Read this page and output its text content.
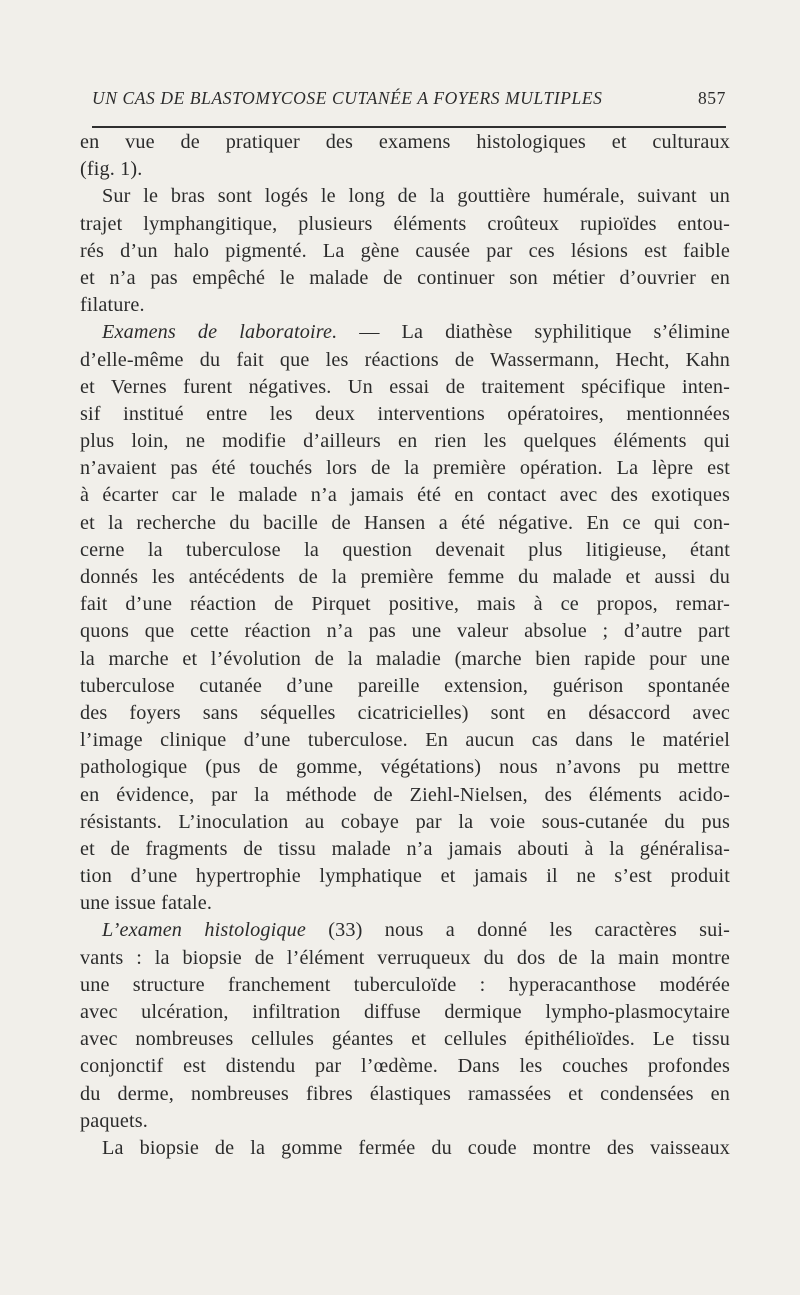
UN CAS DE BLASTOMYCOSE CUTANÉE A FOYERS MULTIPLES	857
en vue de pratiquer des examens histologiques et culturaux
(fig. 1).
Sur le bras sont logés le long de la gouttière humérale, suivant un
trajet lymphangitique, plusieurs éléments croûteux rupioïdes entou-
rés d’un halo pigmenté. La gène causée par ces lésions est faible
et n’a pas empêché le malade de continuer son métier d’ouvrier en
filature.
Examens de laboratoire. — La diathèse syphilitique s’élimine
d’elle-même du fait que les réactions de Wassermann, Hecht, Kahn
et Vernes furent négatives. Un essai de traitement spécifique inten-
sif institué entre les deux interventions opératoires, mentionnées
plus loin, ne modifie d’ailleurs en rien les quelques éléments qui
n’avaient pas été touchés lors de la première opération. La lèpre est
à écarter car le malade n’a jamais été en contact avec des exotiques
et la recherche du bacille de Hansen a été négative. En ce qui con-
cerne la tuberculose la question devenait plus litigieuse, étant
donnés les antécédents de la première femme du malade et aussi du
fait d’une réaction de Pirquet positive, mais à ce propos, remar-
quons que cette réaction n’a pas une valeur absolue ; d’autre part
la marche et l’évolution de la maladie (marche bien rapide pour une
tuberculose cutanée d’une pareille extension, guérison spontanée
des foyers sans séquelles cicatricielles) sont en désaccord avec
l’image clinique d’une tuberculose. En aucun cas dans le matériel
pathologique (pus de gomme, végétations) nous n’avons pu mettre
en évidence, par la méthode de Ziehl-Nielsen, des éléments acido-
résistants. L’inoculation au cobaye par la voie sous-cutanée du pus
et de fragments de tissu malade n’a jamais abouti à la généralisa-
tion d’une hypertrophie lymphatique et jamais il ne s’est produit
une issue fatale.
L’examen histologique (33) nous a donné les caractères sui-
vants : la biopsie de l’élément verruqueux du dos de la main montre
une structure franchement tuberculoïde : hyperacanthose modérée
avec ulcération, infiltration diffuse dermique lympho-plasmocytaire
avec nombreuses cellules géantes et cellules épithélioïdes. Le tissu
conjonctif est distendu par l’œdème. Dans les couches profondes
du derme, nombreuses fibres élastiques ramassées et condensées en
paquets.
La biopsie de la gomme fermée du coude montre des vaisseaux
